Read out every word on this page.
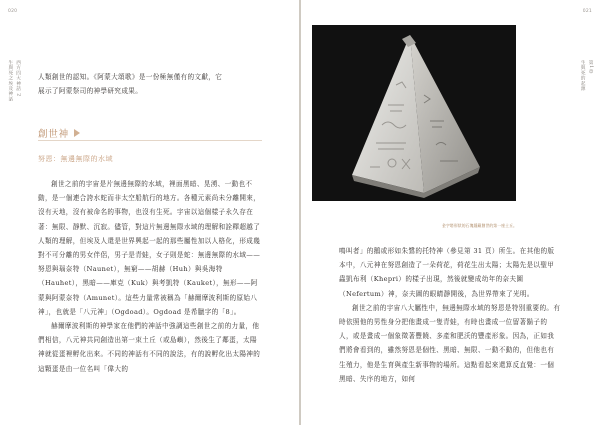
020
西方四大神話 2
生與死之埃及神話	人類創世的認知。《阿蒙大頌歌》是一份極無僅有的文獻，它

展示了阿蒙祭司的神學研究成果。

創世神
努恩：無邊無際的水域

創世之前的宇宙是片無邊無際的水域，裡面黑暗、晃湧、一動也不動，是一個連合誇水蛇而非太空船航行的地方。各種元素尚未分離開來，沒有天地，沒有被命名的事物，也沒有生死。宇宙以這個樣子永久存在著：無限、靜默、沉寂。儘管，對這片無邊無際水域的理解和詮釋超越了人類的理解，但埃及人還是世界興起一起的那些屬性加以人格化，形成幾對不可分離的男女伴侶，男子是青蛙，女子則是蛇：無邊無際的水域——努恩與瑙奈特（Naunet），無窮——胡赫（Huh）與吳海特（Hauhet），黑暗——庫克（Kuk）與考凱特（Kauket），無形——阿蒙與阿蒙奈特（Amunet）。這些力量常被稱為「赫爾摩波利斯的原始八神」，也就是「八元神」（Ogdoad）。Ogdoad 是希臘字的「8」。

赫爾摩波利斯的神學家在他們的神話中強調這些創世之前的力量，他們相信，八元神共同創造出第一束土丘（或島嶼），然後生了鄰蛋，太陽神就從蛋裡孵化出來。不同的神話有不同的說法，有的說孵化出太陽神的這顆蛋是由一位名叫「偉大的

021
第1章
生與死的起源
金字塔形狀的石塊隱藏創世的第一座土丘。

鳴叫者」的鵝或形如朱鷺的托特神（參見第 31 頁）所生。在其他的版本中，八元神在努恩創造了一朵荷花，荷花生出太陽；太陽先是以聖甲蟲凱布利（Khepri）的樣子出現，然後就變成幼年的奈夫圖（Nefertum）神，奈夫圖的眼睛靜開後，為世界帶來了光明。

創世之前的宇宙八大屬性中，無邊無際水域的努恩是特別重要的。有時依照他的男性身分把他畫成一隻青蛙，有時也畫成一位留著鬍子的人，或是畫成一個象徵著豐饒、多產和肥沃的豐產形象。因為，正如我們將會看到的，雖然努恩是個性、黑暗、無限、一動不動的，但他也有生殖力，他是生育與產生新事物的場所。這點看起來還算反直覺：一個黑暗、失序的地方，如何
